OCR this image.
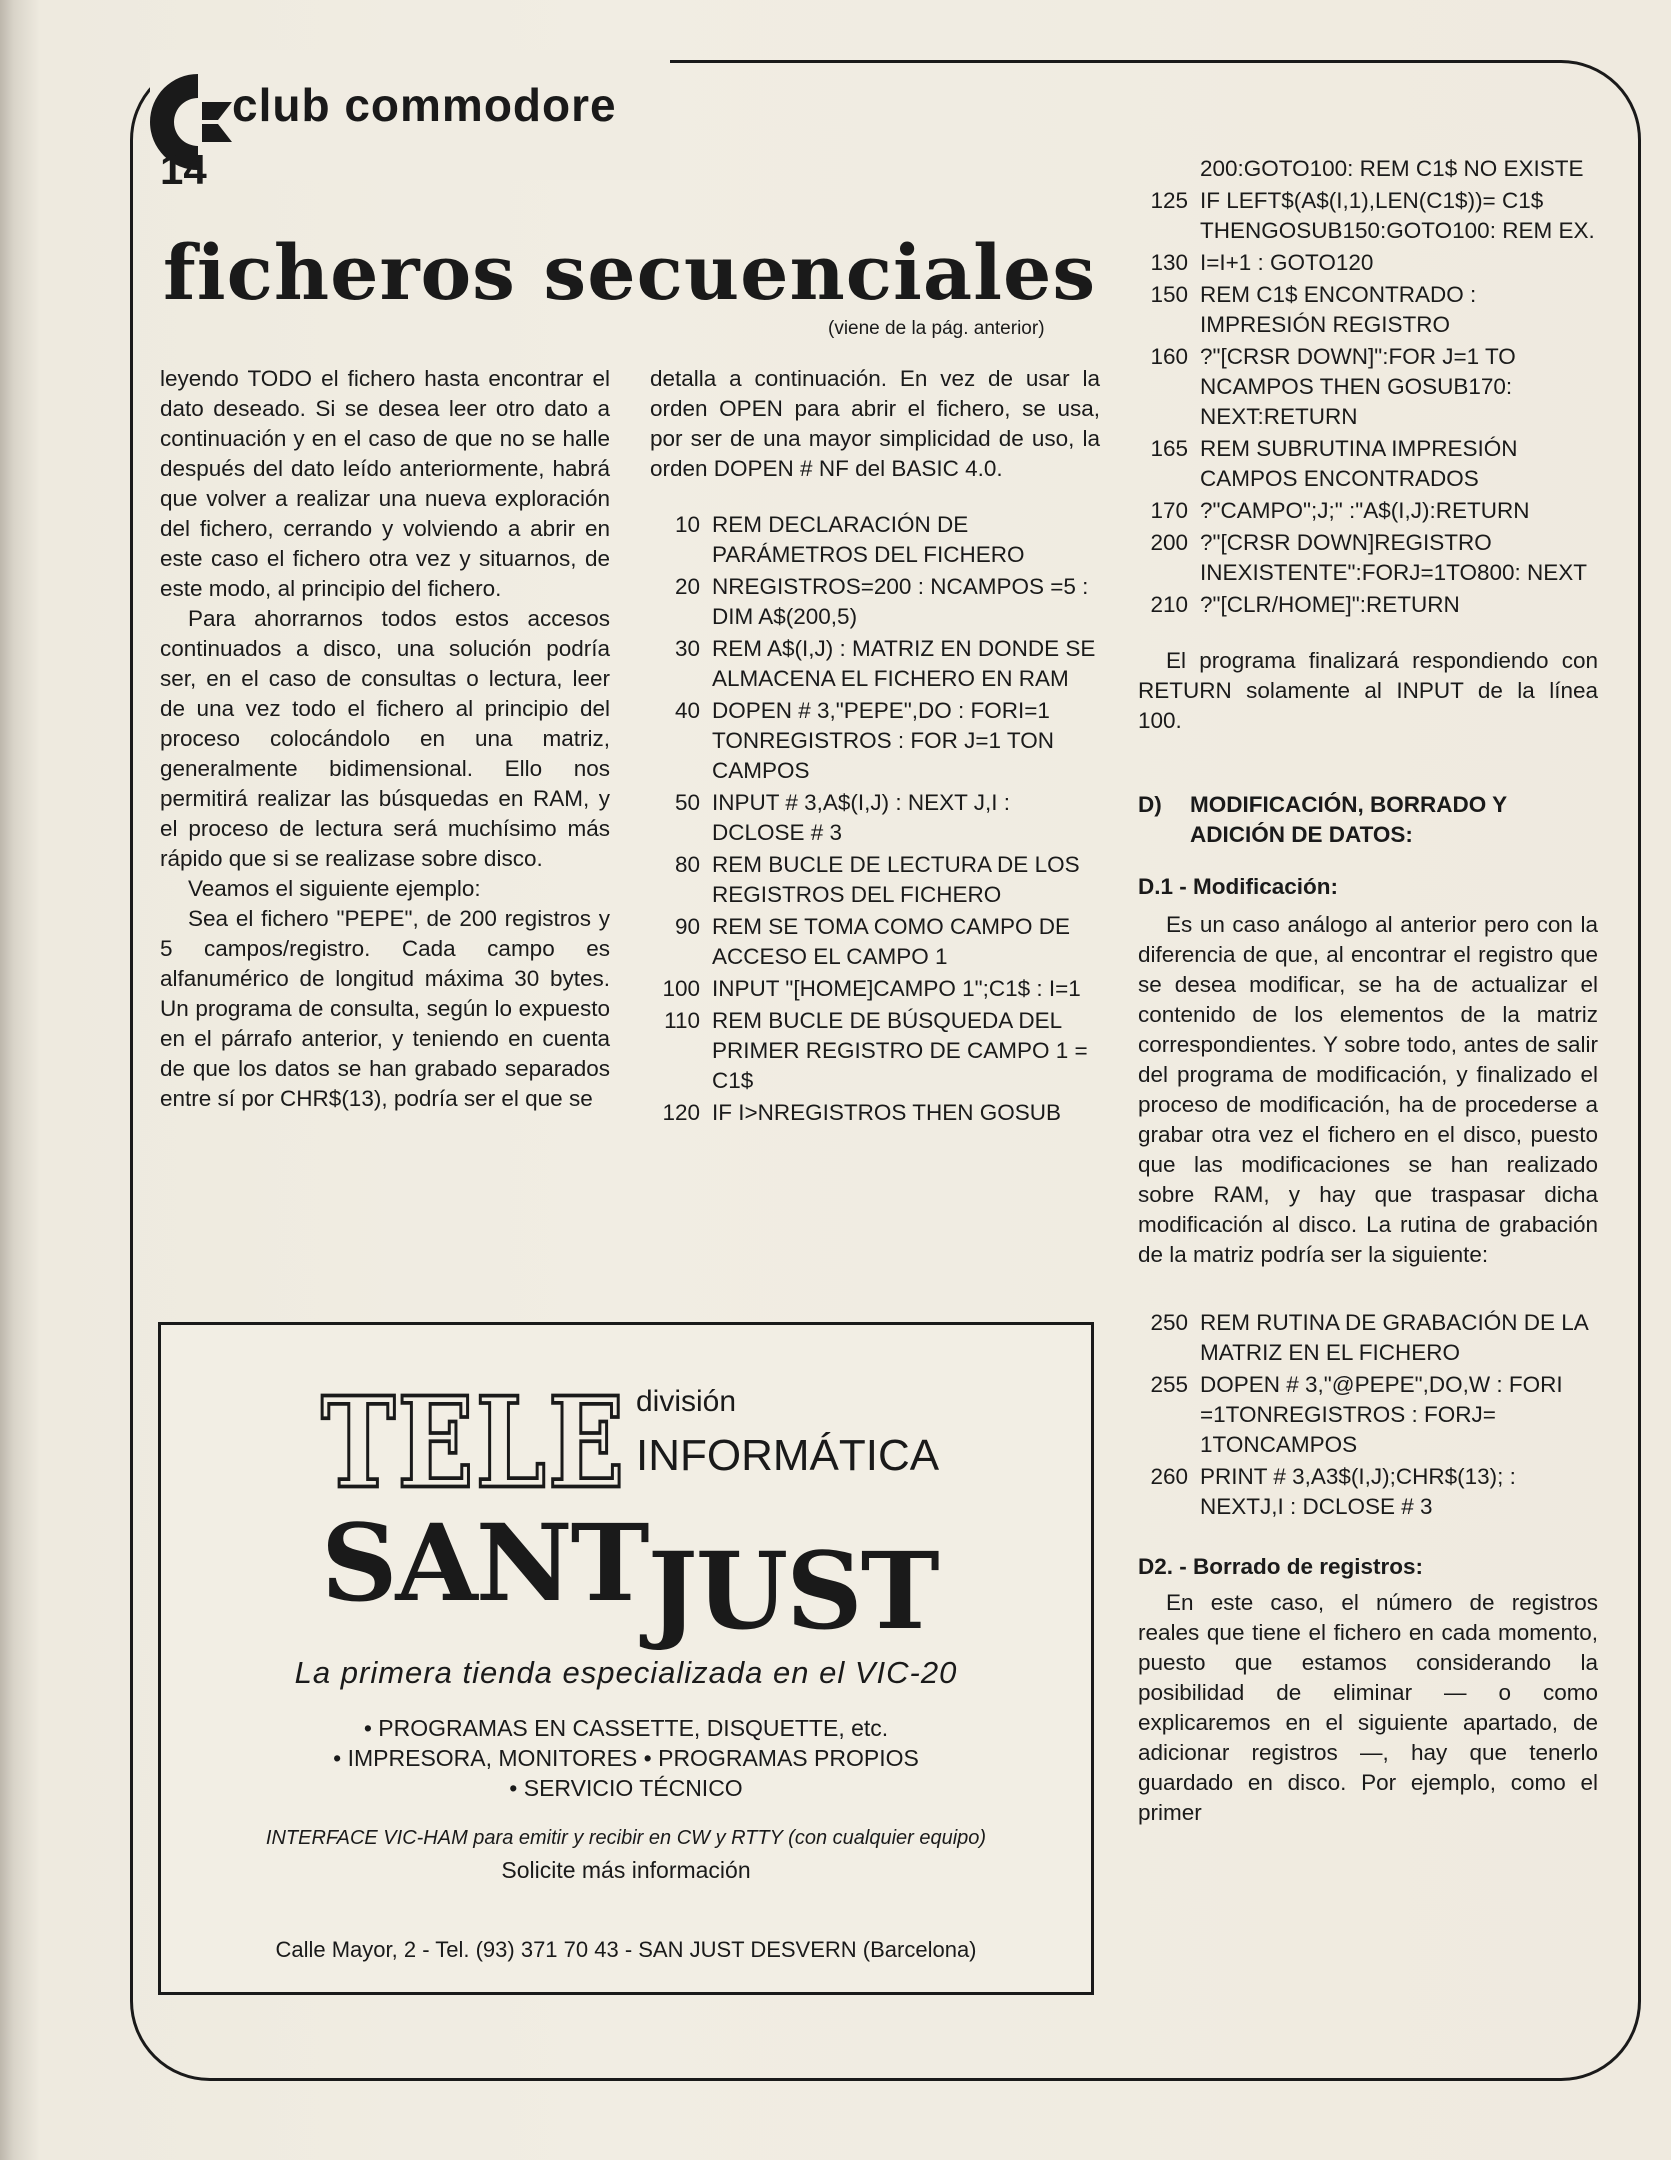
club commodore
14
ficheros secuenciales
(viene de la pág. anterior)

leyendo TODO el fichero hasta encontrar el dato deseado. Si se desea leer otro dato a continuación y en el caso de que no se halle después del dato leído anteriormente, habrá que volver a realizar una nueva exploración del fichero, cerrando y volviendo a abrir en este caso el fichero otra vez y situarnos, de este modo, al principio del fichero.

Para ahorrarnos todos estos accesos continuados a disco, una solución podría ser, en el caso de consultas o lectura, leer de una vez todo el fichero al principio del proceso colocándolo en una matriz, generalmente bidimensional. Ello nos permitirá realizar las búsquedas en RAM, y el proceso de lectura será muchísimo más rápido que si se realizase sobre disco.

Veamos el siguiente ejemplo:

Sea el fichero "PEPE", de 200 registros y 5 campos/registro. Cada campo es alfanumérico de longitud máxima 30 bytes. Un programa de consulta, según lo expuesto en el párrafo anterior, y teniendo en cuenta de que los datos se han grabado separados entre sí por CHR$(13), podría ser el que se

detalla a continuación. En vez de usar la orden OPEN para abrir el fichero, se usa, por ser de una mayor simplicidad de uso, la orden DOPEN # NF del BASIC 4.0.

10 REM DECLARACIÓN DE PARÁMETROS DEL FICHERO
20 NREGISTROS=200 : NCAMPOS =5 : DIM A$(200,5)
30 REM A$(I,J) : MATRIZ EN DONDE SE ALMACENA EL FICHERO EN RAM
40 DOPEN # 3,"PEPE",DO : FORI=1 TONREGISTROS : FOR J=1 TON CAMPOS
50 INPUT # 3,A$(I,J) : NEXT J,I : DCLOSE # 3
80 REM BUCLE DE LECTURA DE LOS REGISTROS DEL FICHERO
90 REM SE TOMA COMO CAMPO DE ACCESO EL CAMPO 1
100 INPUT "[HOME]CAMPO 1";C1$ : I=1
110 REM BUCLE DE BÚSQUEDA DEL PRIMER REGISTRO DE CAMPO 1 = C1$
120 IF I>NREGISTROS THEN GOSUB
200:GOTO100: REM C1$ NO EXISTE
125 IF LEFT$(A$(I,1),LEN(C1$))= C1$ THENGOSUB150:GOTO100: REM EX.
130 I=I+1 : GOTO120
150 REM C1$ ENCONTRADO : IMPRESIÓN REGISTRO
160 ?"[CRSR DOWN]":FOR J=1 TO NCAMPOS THEN GOSUB170: NEXT:RETURN
165 REM SUBRUTINA IMPRESIÓN CAMPOS ENCONTRADOS
170 ?"CAMPO";J;" :"A$(I,J):RETURN
200 ?"[CRSR DOWN]REGISTRO INEXISTENTE":FORJ=1TO800: NEXT
210 ?"[CLR/HOME]":RETURN

El programa finalizará respondiendo con RETURN solamente al INPUT de la línea 100.

D)	MODIFICACIÓN, BORRADO Y ADICIÓN DE DATOS:
D.1 - Modificación:

Es un caso análogo al anterior pero con la diferencia de que, al encontrar el registro que se desea modificar, se ha de actualizar el contenido de los elementos de la matriz correspondientes. Y sobre todo, antes de salir del programa de modificación, y finalizado el proceso de modificación, ha de procederse a grabar otra vez el fichero en el disco, puesto que las modificaciones se han realizado sobre RAM, y hay que traspasar dicha modificación al disco. La rutina de grabación de la matriz podría ser la siguiente:

250 REM RUTINA DE GRABACIÓN DE LA MATRIZ EN EL FICHERO
255 DOPEN # 3,"@PEPE",DO,W : FORI =1TONREGISTROS : FORJ= 1TONCAMPOS
260 PRINT # 3,A3$(I,J);CHR$(13); : NEXTJ,I : DCLOSE # 3
D2. - Borrado de registros:

En este caso, el número de registros reales que tiene el fichero en cada momento, puesto que estamos considerando la posibilidad de eliminar — o como explicaremos en el siguiente apartado, de adicionar registros —, hay que tenerlo guardado en disco. Por ejemplo, como el primer

TELE
SANTJUST
división
INFORMÁTICA
La primera tienda especializada en el VIC-20
• PROGRAMAS EN CASSETTE, DISQUETTE, etc.
• IMPRESORA, MONITORES • PROGRAMAS PROPIOS
• SERVICIO TÉCNICO
INTERFACE VIC-HAM para emitir y recibir en CW y RTTY (con cualquier equipo)
Solicite más información
Calle Mayor, 2 - Tel. (93) 371 70 43 - SAN JUST DESVERN (Barcelona)
